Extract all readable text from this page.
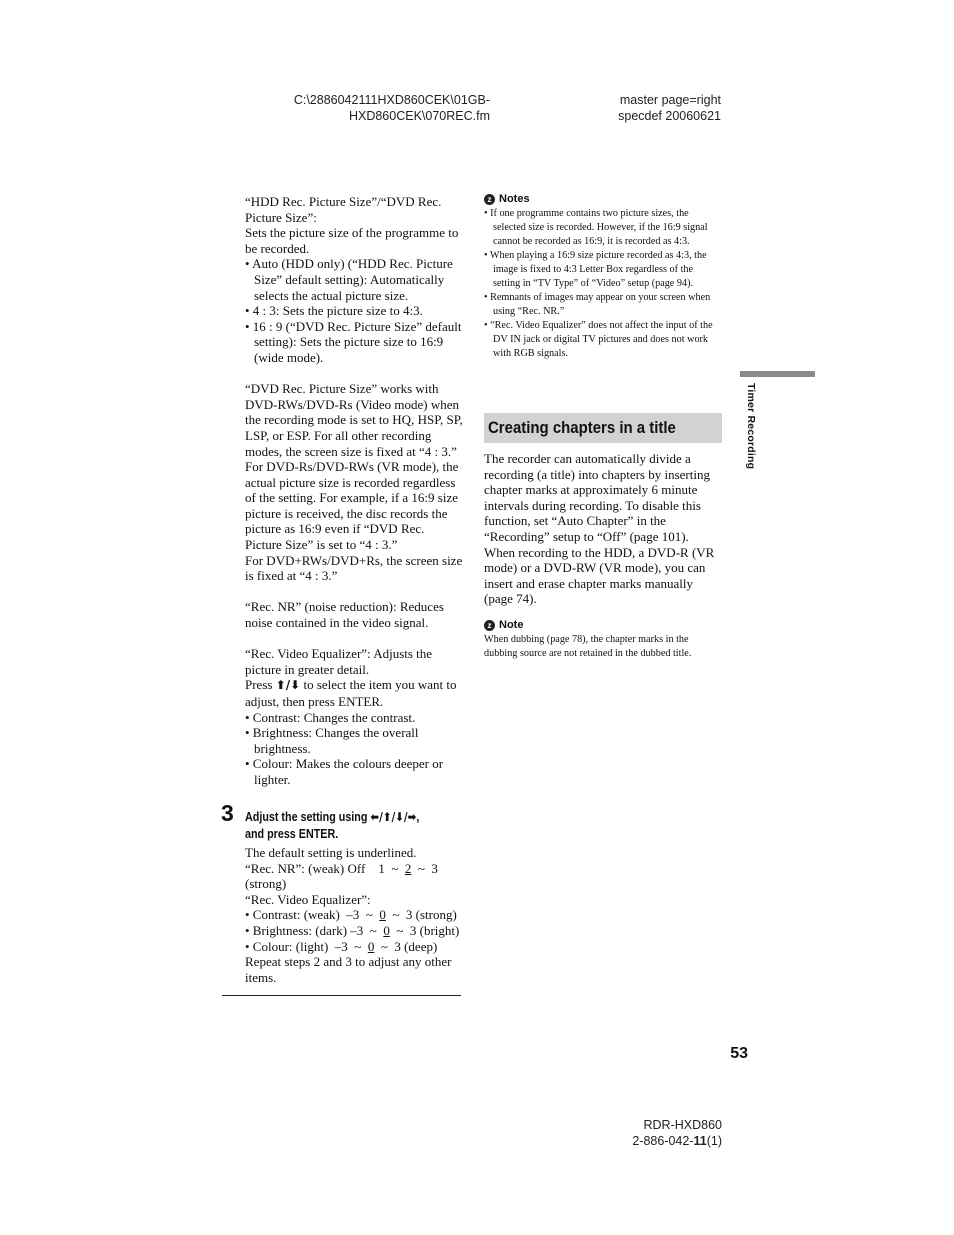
C:\2886042111HXD860CEK\01GB-
HXD860CEK\070REC.fm
master page=right
specdef 20060621

“HDD Rec. Picture Size”/“DVD Rec. Picture Size”:

Sets the picture size of the programme to be recorded.

• Auto (HDD only) (“HDD Rec. Picture Size” default setting): Automatically selects the actual picture size.

• 4 : 3: Sets the picture size to 4:3.

• 16 : 9 (“DVD Rec. Picture Size” default setting): Sets the picture size to 16:9 (wide mode).

“DVD Rec. Picture Size” works with DVD-RWs/DVD-Rs (Video mode) when the recording mode is set to HQ, HSP, SP, LSP, or ESP. For all other recording modes, the screen size is fixed at “4 : 3.”

For DVD-Rs/DVD-RWs (VR mode), the actual picture size is recorded regardless of the setting. For example, if a 16:9 size picture is received, the disc records the picture as 16:9 even if “DVD Rec. Picture Size” is set to “4 : 3.”

For DVD+RWs/DVD+Rs, the screen size is fixed at “4 : 3.”

“Rec. NR” (noise reduction): Reduces noise contained in the video signal.

“Rec. Video Equalizer”: Adjusts the picture in greater detail.

Press ⬆/⬇ to select the item you want to adjust, then press ENTER.

• Contrast: Changes the contrast.

• Brightness: Changes the overall brightness.

• Colour: Makes the colours deeper or lighter.

3 Adjust the setting using ⬅/⬆/⬇/➡,
and press ENTER.

The default setting is underlined.

“Rec. NR”: (weak) Off    1  ~  2  ~  3

(strong)

“Rec. Video Equalizer”:

• Contrast: (weak)  –3  ~  0  ~  3 (strong)

• Brightness: (dark) –3  ~  0  ~  3 (bright)

• Colour: (light)  –3  ~  0  ~  3 (deep)

Repeat steps 2 and 3 to adjust any other items.

z Notes

• If one programme contains two picture sizes, the selected size is recorded. However, if the 16:9 signal cannot be recorded as 16:9, it is recorded as 4:3.

• When playing a 16:9 size picture recorded as 4:3, the image is fixed to 4:3 Letter Box regardless of the setting in “TV Type” of “Video” setup (page 94).

• Remnants of images may appear on your screen when using “Rec. NR.”

• “Rec. Video Equalizer” does not affect the input of the DV IN jack or digital TV pictures and does not work with RGB signals.

Creating chapters in a title

The recorder can automatically divide a recording (a title) into chapters by inserting chapter marks at approximately 6 minute intervals during recording. To disable this function, set “Auto Chapter” in the “Recording” setup to “Off” (page 101).

When recording to the HDD, a DVD-R (VR mode) or a DVD-RW (VR mode), you can insert and erase chapter marks manually (page 74).

z Note

When dubbing (page 78), the chapter marks in the dubbing source are not retained in the dubbed title.

Timer Recording
53
RDR-HXD860
2-886-042-11(1)
